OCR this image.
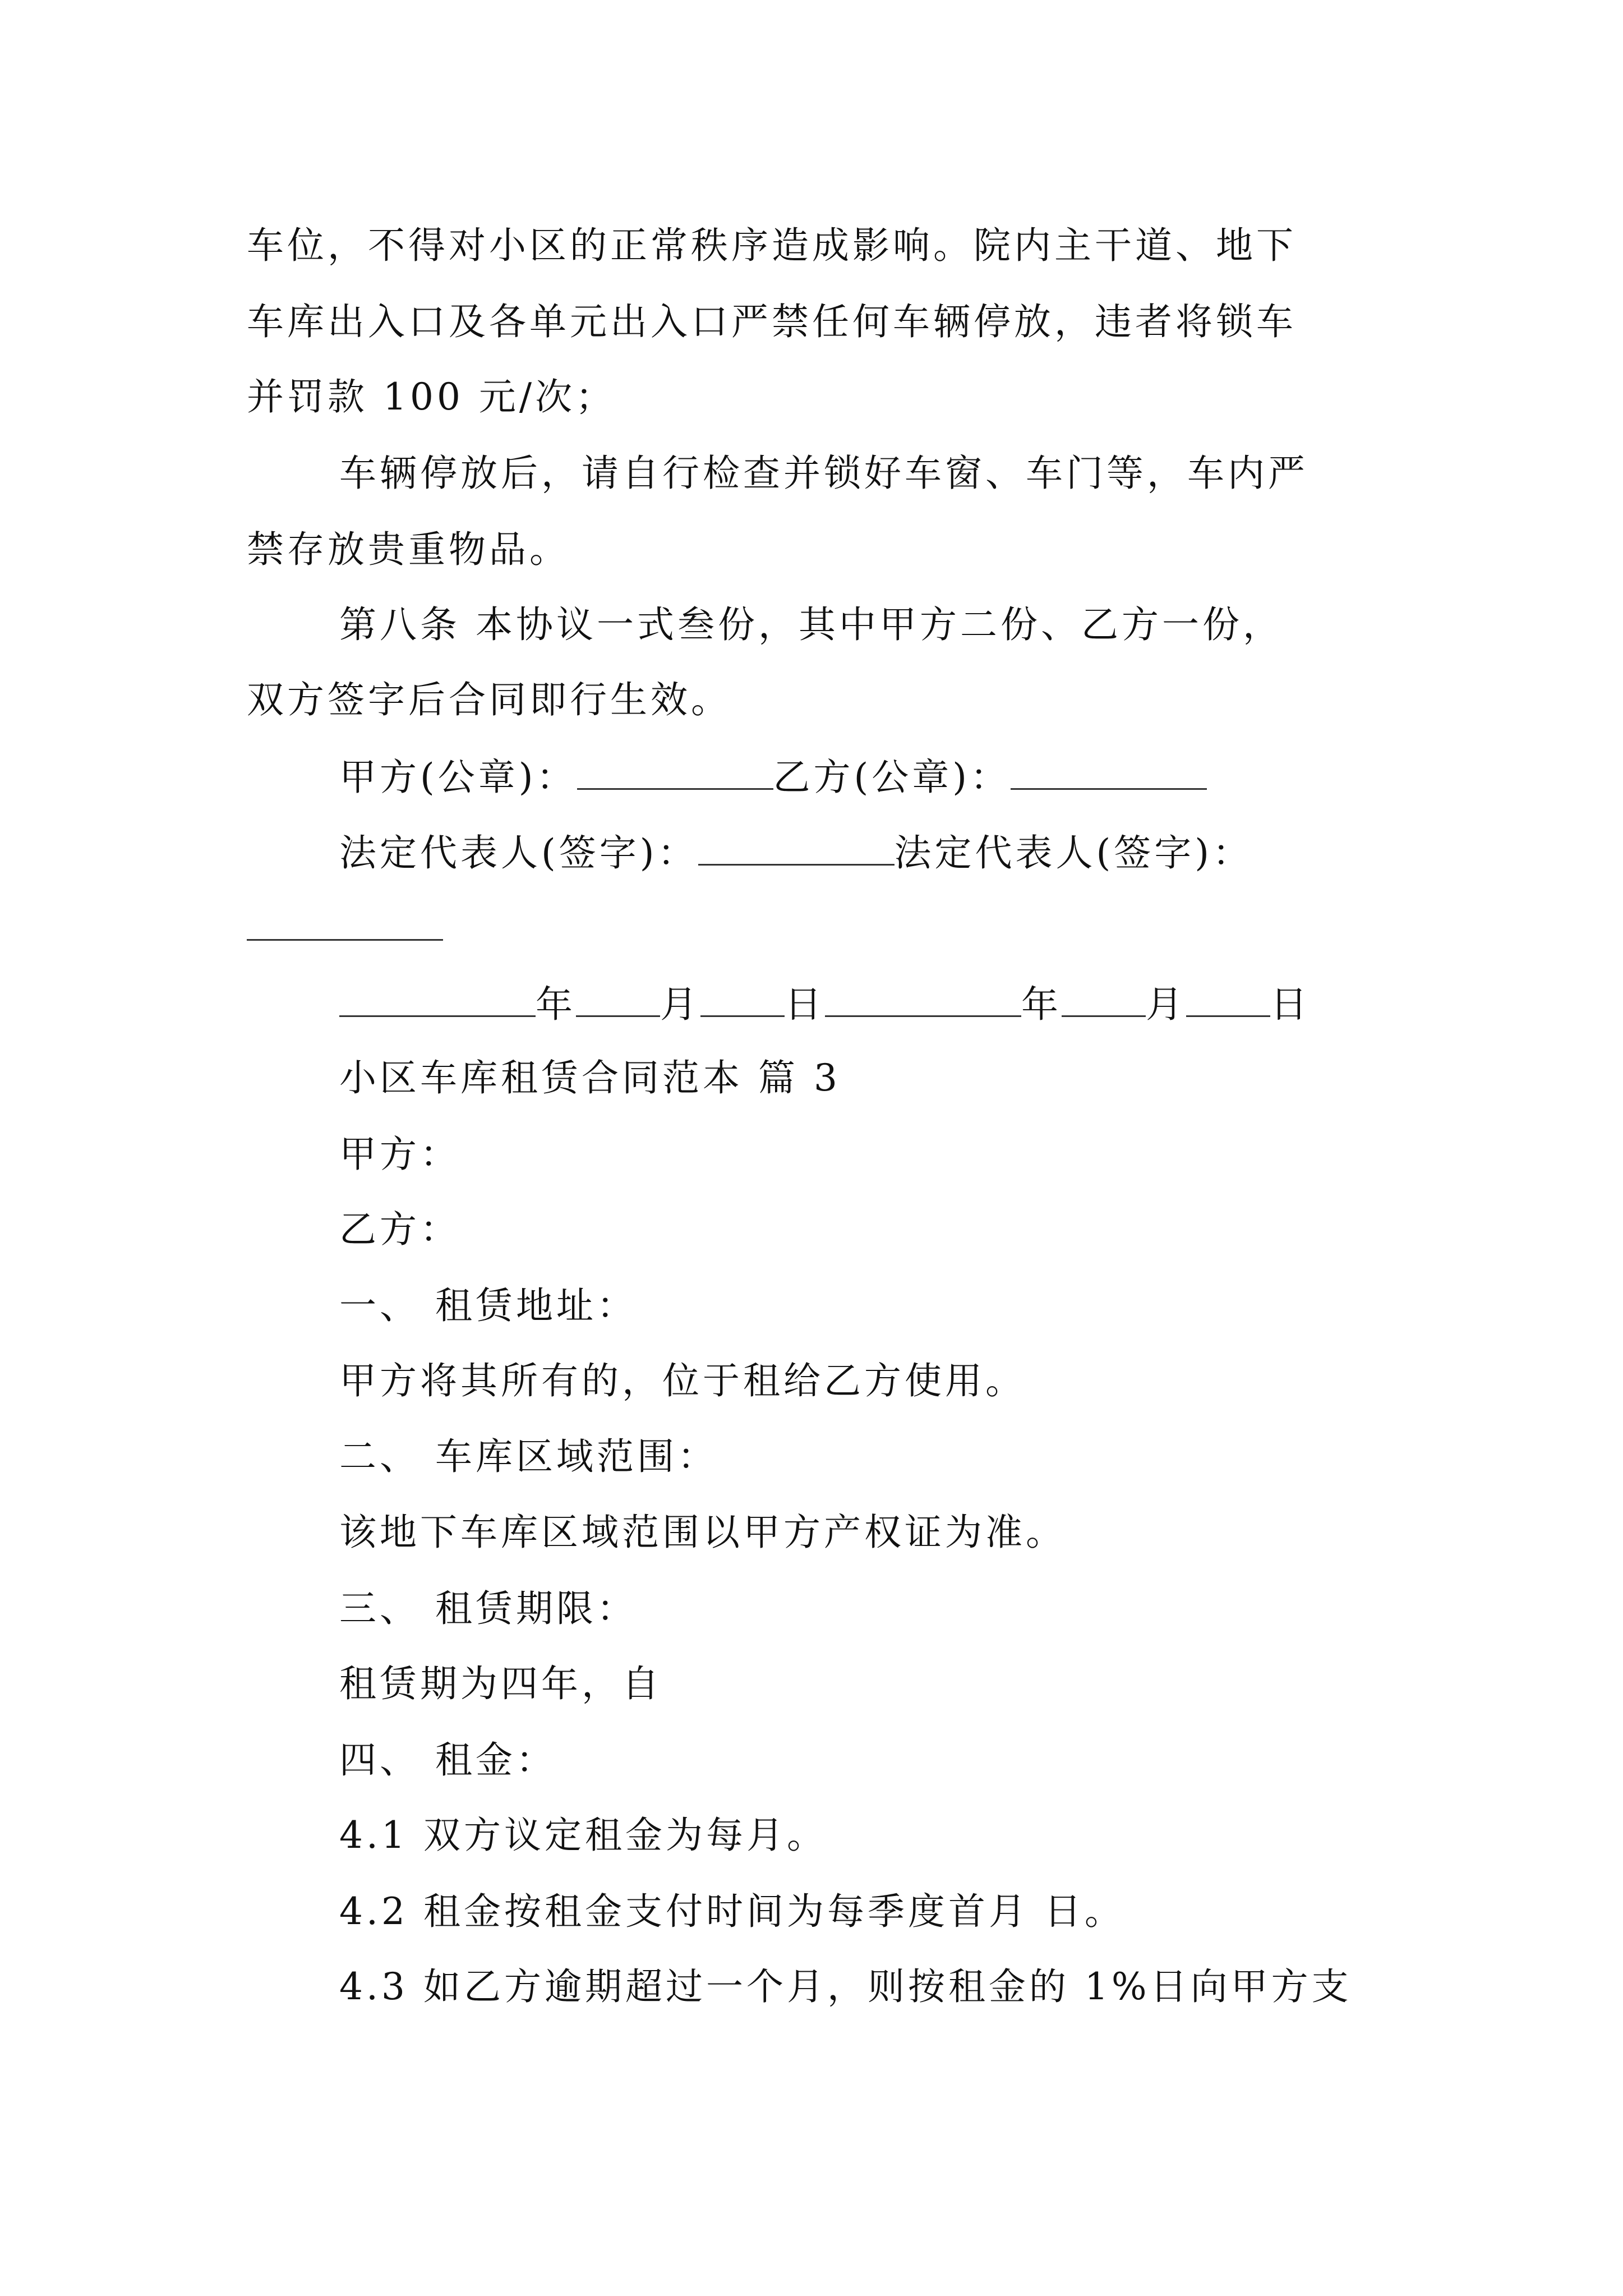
车位，不得对小区的正常秩序造成影响。院内主干道、地下
车库出入口及各单元出入口严禁任何车辆停放，违者将锁车
并罚款 100 元/次；
车辆停放后，请自行检查并锁好车窗、车门等，车内严
禁存放贵重物品。
第八条 本协议一式叁份，其中甲方二份、乙方一份，
双方签字后合同即行生效。
甲方(公章)：	乙方(公章)：
法定代表人(签字)：	法定代表人(签字)：
年 月 日	年 月 日
小区车库租赁合同范本 篇 3
甲方：
乙方：
一、 租赁地址：
甲方将其所有的，位于租给乙方使用。
二、 车库区域范围：
该地下车库区域范围以甲方产权证为准。
三、 租赁期限：
租赁期为四年，自
四、 租金：
4.1 双方议定租金为每月。
4.2 租金按租金支付时间为每季度首月 日。
4.3 如乙方逾期超过一个月，则按租金的 1%日向甲方支
